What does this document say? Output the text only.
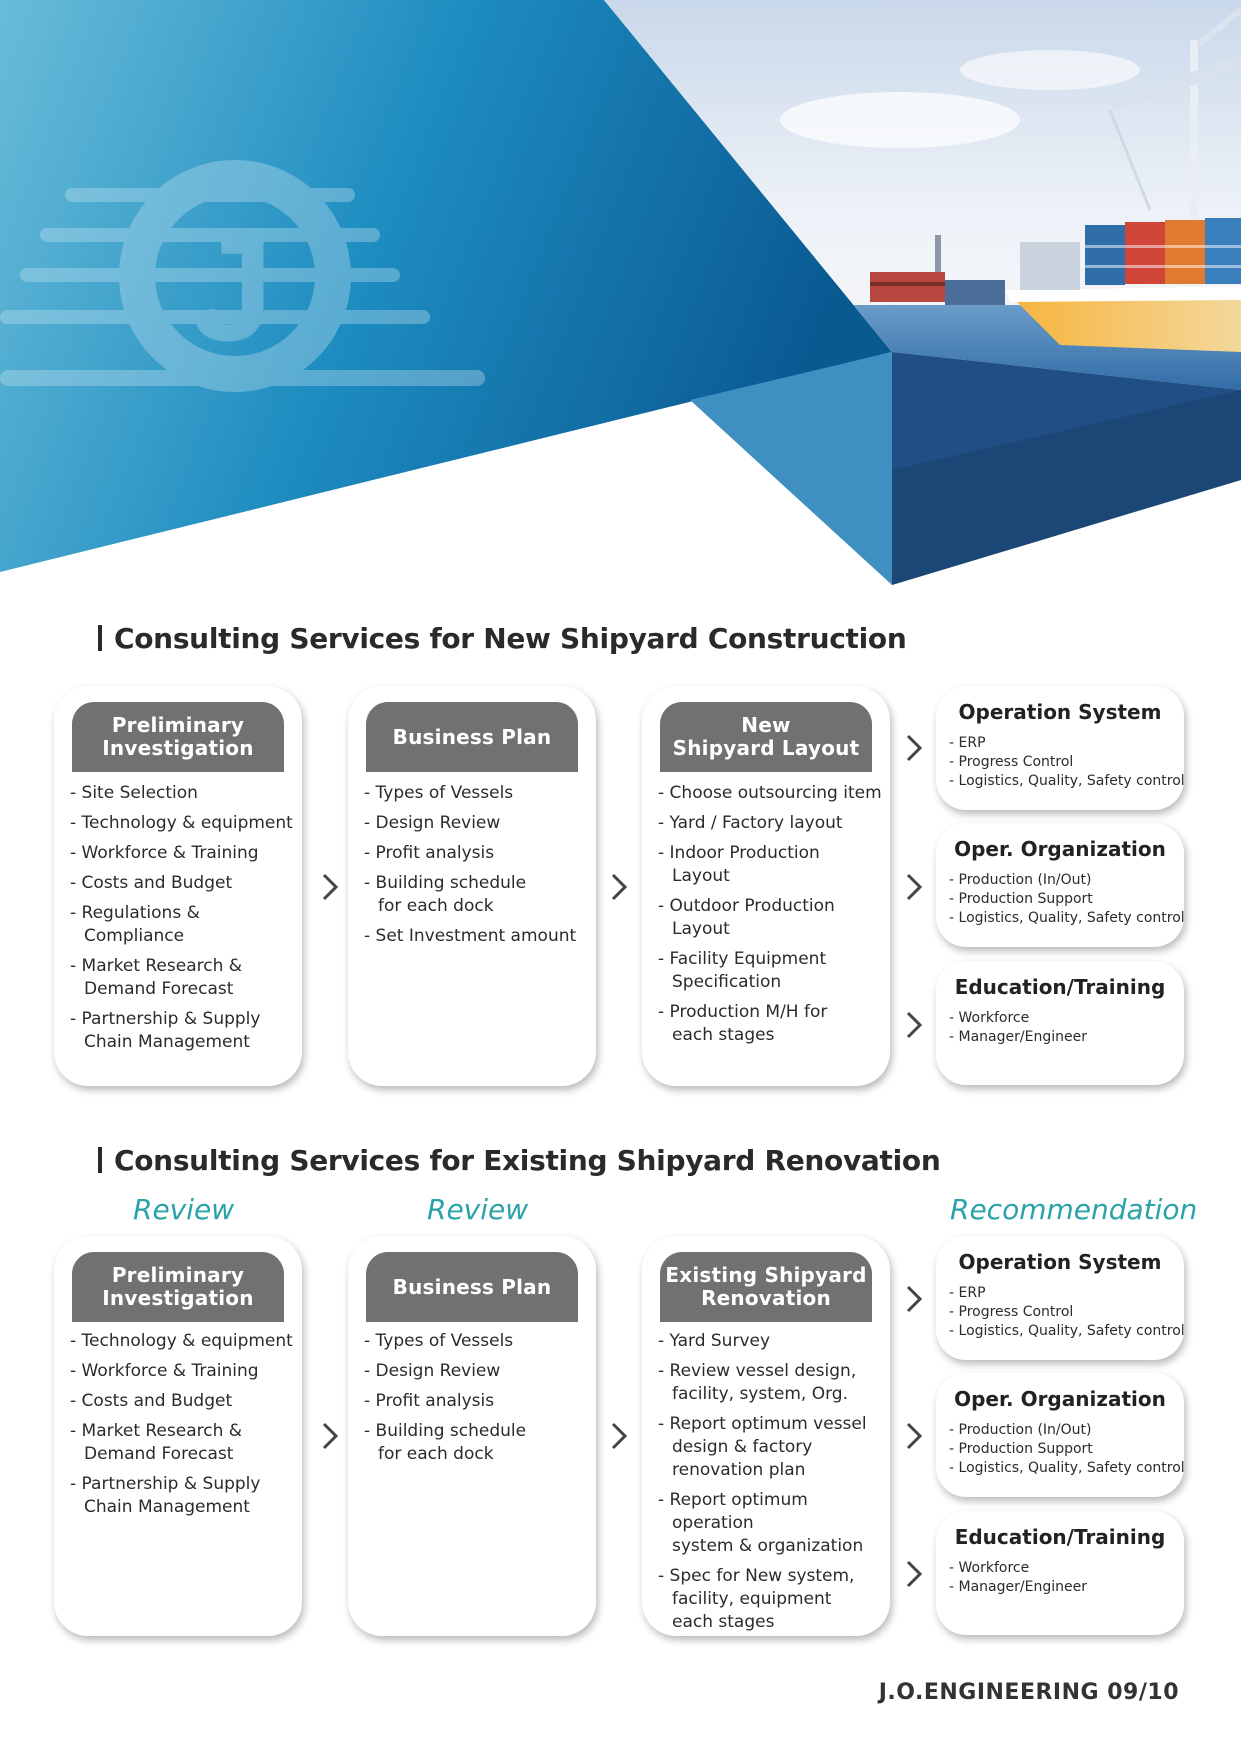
J
Consulting Services for New Shipyard Construction
Preliminary
Investigation
- Site Selection
- Technology & equipment
- Workforce & Training
- Costs and Budget
- Regulations & Compliance
- Market Research &
Demand Forecast
- Partnership & Supply
Chain Management
Business Plan
- Types of Vessels
- Design Review
- Profit analysis
- Building schedule
for each dock
- Set Investment amount
New
Shipyard Layout
- Choose outsourcing item
- Yard / Factory layout
- Indoor Production
Layout
- Outdoor Production
Layout
- Facility Equipment
Specification
- Production M/H for
each stages
Operation System
- ERP
- Progress Control
- Logistics, Quality, Safety control
Oper. Organization
- Production (In/Out)
- Production Support
- Logistics, Quality, Safety control
Education/Training
- Workforce
- Manager/Engineer
Consulting Services for Existing Shipyard Renovation
Review	Review	Recommendation
Preliminary
Investigation
- Technology & equipment
- Workforce & Training
- Costs and Budget
- Market Research &
Demand Forecast
- Partnership & Supply
Chain Management
Business Plan
- Types of Vessels
- Design Review
- Profit analysis
- Building schedule
for each dock
Existing Shipyard
Renovation
- Yard Survey
- Review vessel design,
facility, system, Org.
- Report optimum vessel
design & factory
renovation plan
- Report optimum operation
system & organization
- Spec for New system,
facility, equipment
each stages
Operation System
- ERP
- Progress Control
- Logistics, Quality, Safety control
Oper. Organization
- Production (In/Out)
- Production Support
- Logistics, Quality, Safety control
Education/Training
- Workforce
- Manager/Engineer
J.O.ENGINEERING 09/10
